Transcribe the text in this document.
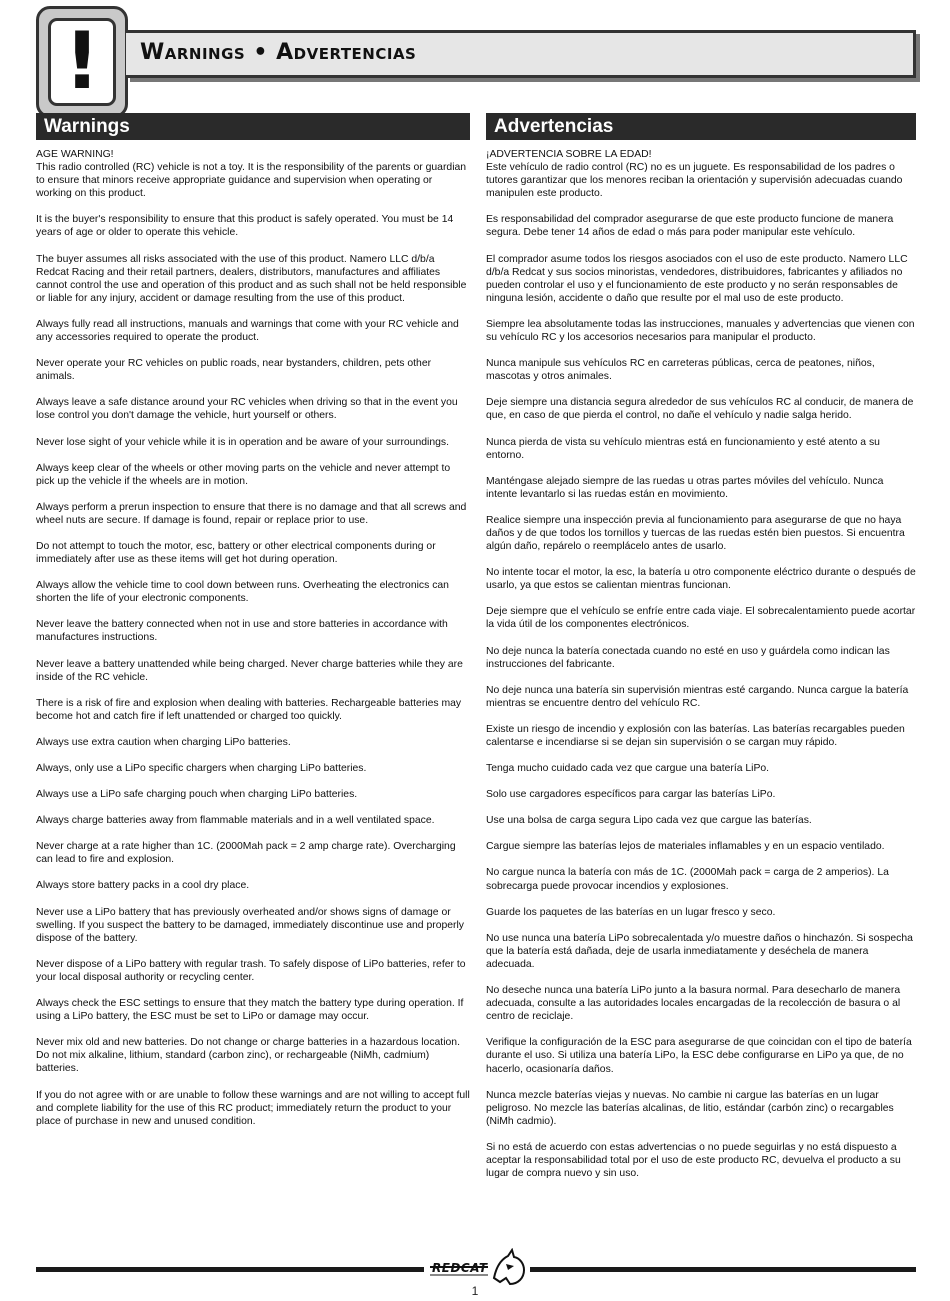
! Warnings • Advertencias
Warnings

AGE WARNING!

This radio controlled (RC) vehicle is not a toy. It is the responsibility of the parents or guardian to ensure that minors receive appropriate guidance and supervision when operating or working on this product.

It is the buyer's responsibility to ensure that this product is safely operated. You must be 14 years of age or older to operate this vehicle.

The buyer assumes all risks associated with the use of this product. Namero LLC d/b/a Redcat Racing and their retail partners, dealers, distributors, manufactures and affiliates cannot control the use and operation of this product and as such shall not be held responsible or liable for any injury, accident or damage resulting from the use of this product.

Always fully read all instructions, manuals and warnings that come with your RC vehicle and any accessories required to operate the product.

Never operate your RC vehicles on public roads, near bystanders, children, pets other animals.

Always leave a safe distance around your RC vehicles when driving so that in the event you lose control you don't damage the vehicle, hurt yourself or others.

Never lose sight of your vehicle while it is in operation and be aware of your surroundings.

Always keep clear of the wheels or other moving parts on the vehicle and never attempt to pick up the vehicle if the wheels are in motion.

Always perform a prerun inspection to ensure that there is no damage and that all screws and wheel nuts are secure. If damage is found, repair or replace prior to use.

Do not attempt to touch the motor, esc, battery or other electrical components during or immediately after use as these items will get hot during operation.

Always allow the vehicle time to cool down between runs. Overheating the electronics can shorten the life of your electronic components.

Never leave the battery connected when not in use and store batteries in accordance with manufactures instructions.

Never leave a battery unattended while being charged. Never charge batteries while they are inside of the RC vehicle.

There is a risk of fire and explosion when dealing with batteries. Rechargeable batteries may become hot and catch fire if left unattended or charged too quickly.

Always use extra caution when charging LiPo batteries.

Always, only use a LiPo specific chargers when charging LiPo batteries.

Always use a LiPo safe charging pouch when charging LiPo batteries.

Always charge batteries away from flammable materials and in a well ventilated space.

Never charge at a rate higher than 1C. (2000Mah pack = 2 amp charge rate). Overcharging can lead to fire and explosion.

Always store battery packs in a cool dry place.

Never use a LiPo battery that has previously overheated and/or shows signs of damage or swelling. If you suspect the battery to be damaged, immediately discontinue use and properly dispose of the battery.

Never dispose of a LiPo battery with regular trash. To safely dispose of LiPo batteries, refer to your local disposal authority or recycling center.

Always check the ESC settings to ensure that they match the battery type during operation. If using a LiPo battery, the ESC must be set to LiPo or damage may occur.

Never mix old and new batteries. Do not change or charge batteries in a hazardous location. Do not mix alkaline, lithium, standard (carbon zinc), or rechargeable (NiMh, cadmium) batteries.

If you do not agree with or are unable to follow these warnings and are not willing to accept full and complete liability for the use of this RC product; immediately return the product to your place of purchase in new and unused condition.

Advertencias

¡ADVERTENCIA SOBRE LA EDAD!

Este vehículo de radio control (RC) no es un juguete. Es responsabilidad de los padres o tutores garantizar que los menores reciban la orientación y supervisión adecuadas cuando manipulen este producto.

Es responsabilidad del comprador asegurarse de que este producto funcione de manera segura. Debe tener 14 años de edad o más para poder manipular este vehículo.

El comprador asume todos los riesgos asociados con el uso de este producto. Namero LLC d/b/a Redcat y sus socios minoristas, vendedores, distribuidores, fabricantes y afiliados no pueden controlar el uso y el funcionamiento de este producto y no serán responsables de ninguna lesión, accidente o daño que resulte por el mal uso de este producto.

Siempre lea absolutamente todas las instrucciones, manuales y advertencias que vienen con su vehículo RC y los accesorios necesarios para manipular el producto.

Nunca manipule sus vehículos RC en carreteras públicas, cerca de peatones, niños, mascotas y otros animales.

Deje siempre una distancia segura alrededor de sus vehículos RC al conducir, de manera de que, en caso de que pierda el control, no dañe el vehículo y nadie salga herido.

Nunca pierda de vista su vehículo mientras está en funcionamiento y esté atento a su entorno.

Manténgase alejado siempre de las ruedas u otras partes móviles del vehículo. Nunca intente levantarlo si las ruedas están en movimiento.

Realice siempre una inspección previa al funcionamiento para asegurarse de que no haya daños y de que todos los tornillos y tuercas de las ruedas estén bien puestos. Si encuentra algún daño, repárelo o reemplácelo antes de usarlo.

No intente tocar el motor, la esc, la batería u otro componente eléctrico durante o después de usarlo, ya que estos se calientan mientras funcionan.

Deje siempre que el vehículo se enfríe entre cada viaje. El sobrecalentamiento puede acortar la vida útil de los componentes electrónicos.

No deje nunca la batería conectada cuando no esté en uso y guárdela como indican las instrucciones del fabricante.

No deje nunca una batería sin supervisión mientras esté cargando. Nunca cargue la batería mientras se encuentre dentro del vehículo RC.

Existe un riesgo de incendio y explosión con las baterías. Las baterías recargables pueden calentarse e incendiarse si se dejan sin supervisión o se cargan muy rápido.

Tenga mucho cuidado cada vez que cargue una batería LiPo.

Solo use cargadores específicos para cargar las baterías LiPo.

Use una bolsa de carga segura Lipo cada vez que cargue las baterías.

Cargue siempre las baterías lejos de materiales inflamables y en un espacio ventilado.

No cargue nunca la batería con más de 1C. (2000Mah pack = carga de 2 amperios). La sobrecarga puede provocar incendios y explosiones.

Guarde los paquetes de las baterías en un lugar fresco y seco.

No use nunca una batería LiPo sobrecalentada y/o muestre daños o hinchazón. Si sospecha que la batería está dañada, deje de usarla inmediatamente y deséchela de manera adecuada.

No deseche nunca una batería LiPo junto a la basura normal. Para desecharlo de manera adecuada, consulte a las autoridades locales encargadas de la recolección de basura o al centro de reciclaje.

Verifique la configuración de la ESC para asegurarse de que coincidan con el tipo de batería durante el uso. Si utiliza una batería LiPo, la ESC debe configurarse en LiPo ya que, de no hacerlo, ocasionaría daños.

Nunca mezcle baterías viejas y nuevas. No cambie ni cargue las baterías en un lugar peligroso. No mezcle las baterías alcalinas, de litio, estándar (carbón zinc) o recargables (NiMh cadmio).

Si no está de acuerdo con estas advertencias o no puede seguirlas y no está dispuesto a aceptar la responsabilidad total por el uso de este producto RC, devuelva el producto a su lugar de compra nuevo y sin uso.

REDCAT
1
